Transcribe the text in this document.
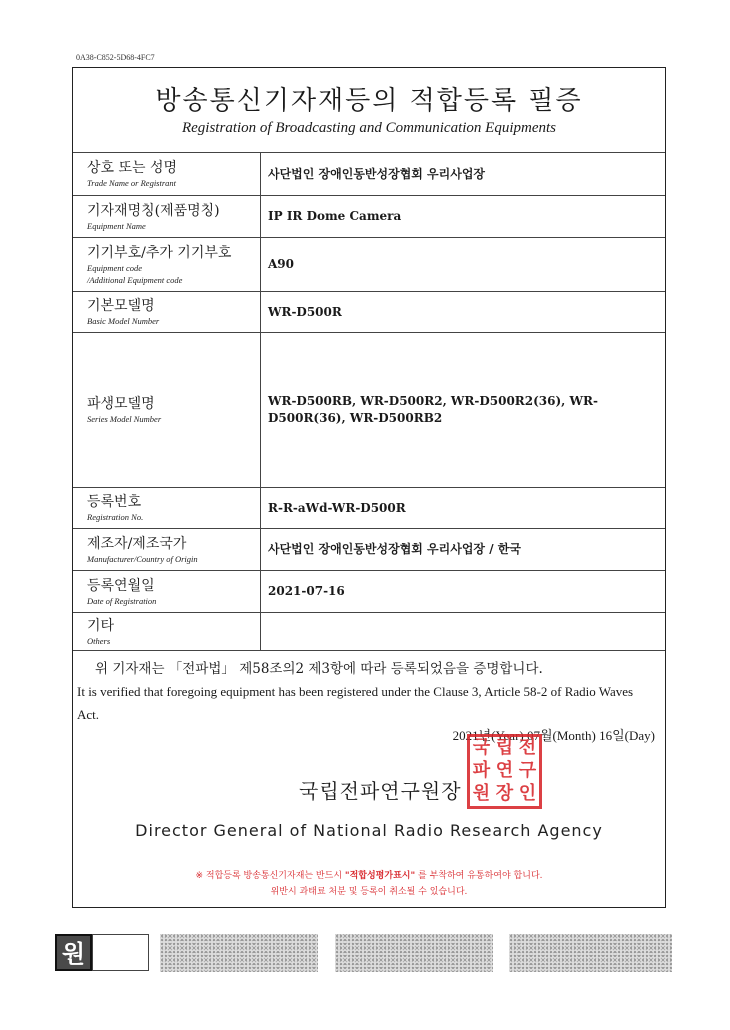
0A38-C852-5D68-4FC7
방송통신기자재등의 적합등록 필증
Registration of Broadcasting and Communication Equipments
상호 또는 성명
Trade Name or Registrant	사단법인 장애인동반성장협회 우리사업장

기자재명칭(제품명칭)
Equipment Name	IP IR Dome Camera

기기부호/추가 기기부호
Equipment code
/Additional Equipment code	A90

기본모델명
Basic Model Number	WR-D500R

파생모델명
Series Model Number	WR-D500RB, WR-D500R2, WR-D500R2(36), WR-D500R(36), WR-D500RB2

등록번호
Registration No.	R-R-aWd-WR-D500R

제조자/제조국가
Manufacturer/Country of Origin	사단법인 장애인동반성장협회 우리사업장 / 한국

등록연월일
Date of Registration	2021-07-16

기타
Others	

위 기자재는 「전파법」 제58조의2 제3항에 따라 등록되었음을 증명합니다.
It is verified that foregoing equipment has been registered under the Clause 3, Article 58-2 of Radio Waves Act.
2021년(Year) 07월(Month) 16일(Day)
국립전파연구원장
국 립 전
파 연 구
원 장 인
Director General of National Radio Research Agency
※ 적합등록 방송통신기자재는 반드시 "적합성평가표시" 를 부착하여 유통하여야 합니다.
위반시 과태료 처분 및 등록이 취소될 수 있습니다.
원
